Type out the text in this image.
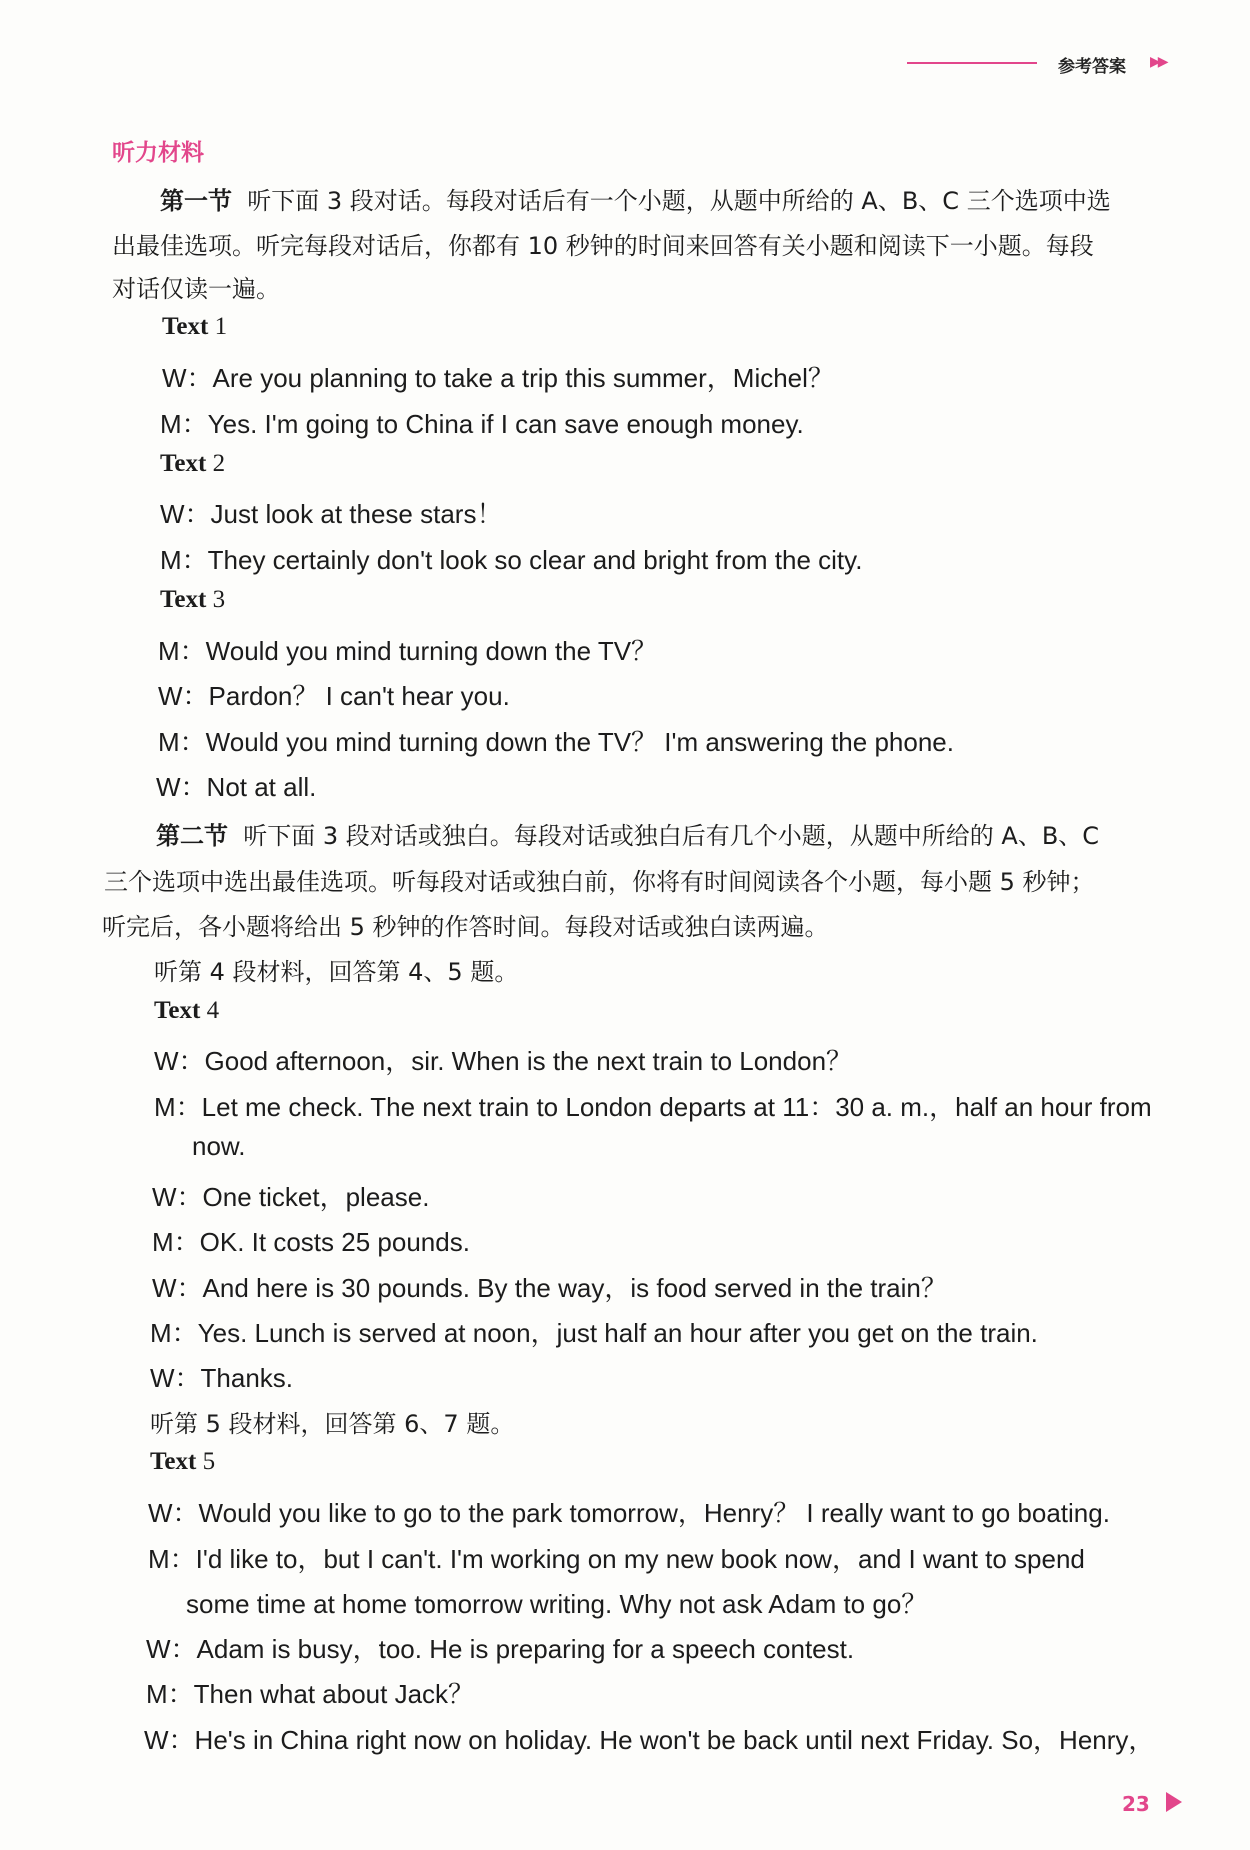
参考答案 ▶▶
听力材料
第一节 听下面 3 段对话。每段对话后有一个小题，从题中所给的 A、B、C 三个选项中选
出最佳选项。听完每段对话后，你都有 10 秒钟的时间来回答有关小题和阅读下一小题。每段
对话仅读一遍。
Text 1
W：Are you planning to take a trip this summer，Michel？
M：Yes. I'm going to China if I can save enough money.
Text 2
W：Just look at these stars！
M：They certainly don't look so clear and bright from the city.
Text 3
M：Would you mind turning down the TV？
W：Pardon？ I can't hear you.
M：Would you mind turning down the TV？ I'm answering the phone.
W：Not at all.
第二节 听下面 3 段对话或独白。每段对话或独白后有几个小题，从题中所给的 A、B、C
三个选项中选出最佳选项。听每段对话或独白前，你将有时间阅读各个小题，每小题 5 秒钟；
听完后，各小题将给出 5 秒钟的作答时间。每段对话或独白读两遍。
听第 4 段材料，回答第 4、5 题。
Text 4
W：Good afternoon，sir. When is the next train to London？
M：Let me check. The next train to London departs at 11：30 a. m.，half an hour from
now.
W：One ticket，please.
M：OK. It costs 25 pounds.
W：And here is 30 pounds. By the way，is food served in the train？
M：Yes. Lunch is served at noon，just half an hour after you get on the train.
W：Thanks.
听第 5 段材料，回答第 6、7 题。
Text 5
W：Would you like to go to the park tomorrow，Henry？ I really want to go boating.
M：I'd like to，but I can't. I'm working on my new book now，and I want to spend
some time at home tomorrow writing. Why not ask Adam to go？
W：Adam is busy，too. He is preparing for a speech contest.
M：Then what about Jack？
W：He's in China right now on holiday. He won't be back until next Friday. So，Henry，
23
